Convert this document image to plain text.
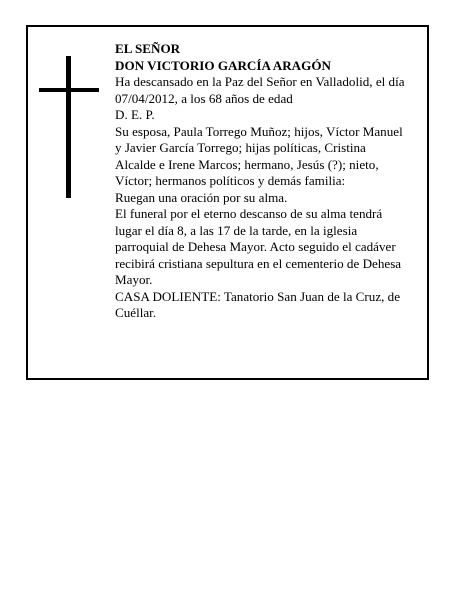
EL SEÑOR

DON VICTORIO GARCÍA ARAGÓN

Ha descansado en la Paz del Señor en Valladolid, el día

07/04/2012, a los 68 años de edad

D. E. P.

Su esposa, Paula Torrego Muñoz; hijos, Víctor Manuel

y Javier García Torrego; hijas políticas, Cristina

Alcalde e Irene Marcos; hermano, Jesús (?); nieto,

Víctor; hermanos políticos y demás familia:

Ruegan una oración por su alma.

El funeral por el eterno descanso de su alma tendrá

lugar el día 8, a las 17 de la tarde, en la iglesia

parroquial de Dehesa Mayor. Acto seguido el cadáver

recibirá cristiana sepultura en el cementerio de Dehesa

Mayor.

CASA DOLIENTE: Tanatorio San Juan de la Cruz, de

Cuéllar.
